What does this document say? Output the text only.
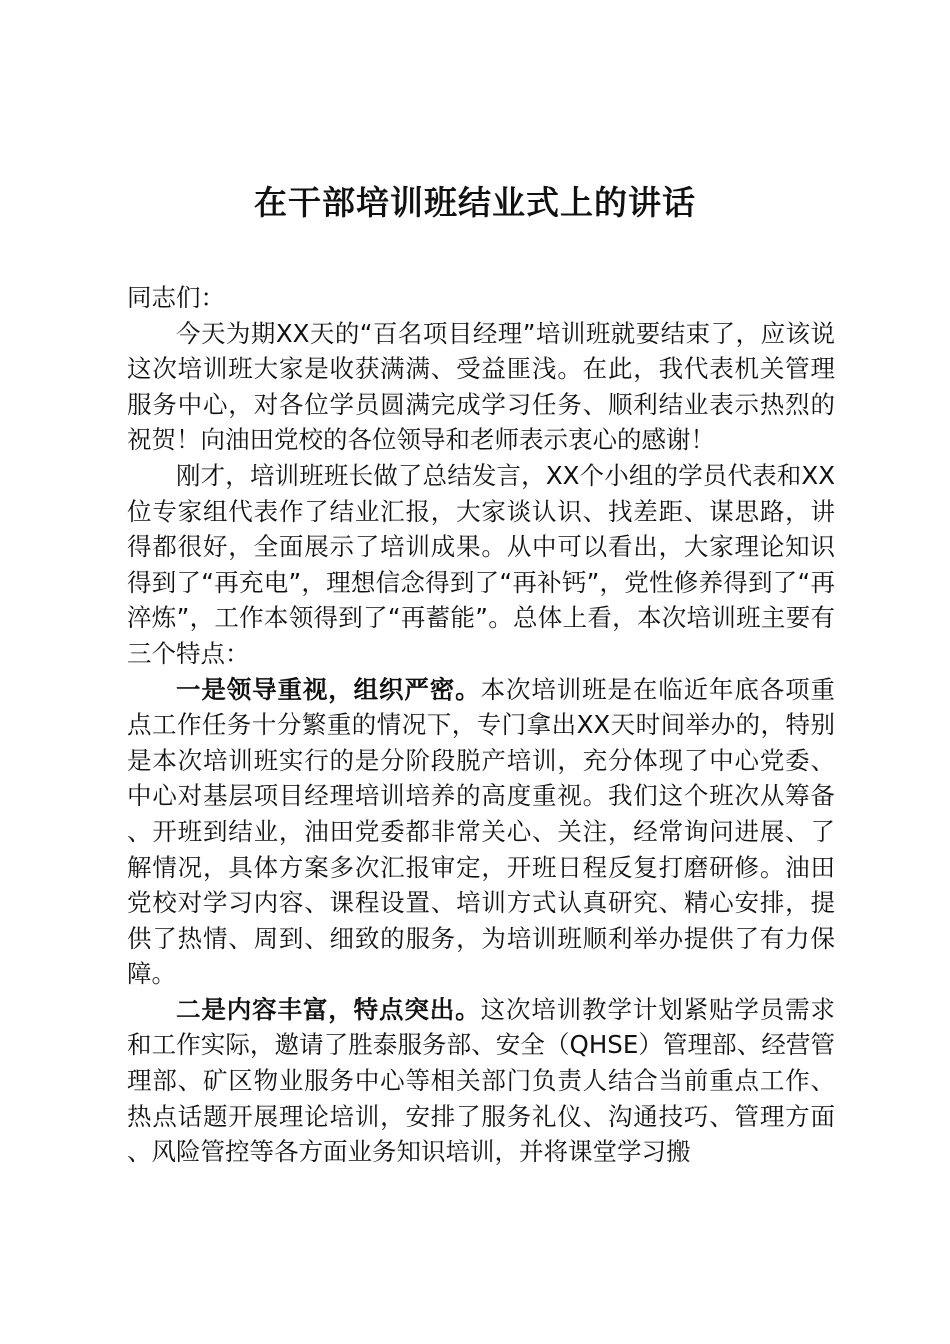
在干部培训班结业式上的讲话

同志们：

今天为期XX天的“百名项目经理”培训班就要结束了，应该说这次培训班大家是收获满满、受益匪浅。在此，我代表机关管理服务中心，对各位学员圆满完成学习任务、顺利结业表示热烈的祝贺！向油田党校的各位领导和老师表示衷心的感谢！

刚才，培训班班长做了总结发言，XX个小组的学员代表和XX位专家组代表作了结业汇报，大家谈认识、找差距、谋思路，讲得都很好，全面展示了培训成果。从中可以看出，大家理论知识得到了“再充电”，理想信念得到了“再补钙”，党性修养得到了“再淬炼”，工作本领得到了“再蓄能”。总体上看，本次培训班主要有三个特点：

一是领导重视，组织严密。本次培训班是在临近年底各项重点工作任务十分繁重的情况下，专门拿出XX天时间举办的，特别是本次培训班实行的是分阶段脱产培训，充分体现了中心党委、中心对基层项目经理培训培养的高度重视。我们这个班次从筹备、开班到结业，油田党委都非常关心、关注，经常询问进展、了解情况，具体方案多次汇报审定，开班日程反复打磨研修。油田党校对学习内容、课程设置、培训方式认真研究、精心安排，提供了热情、周到、细致的服务，为培训班顺利举办提供了有力保障。

二是内容丰富，特点突出。这次培训教学计划紧贴学员需求和工作实际，邀请了胜泰服务部、安全（QHSE）管理部、经营管理部、矿区物业服务中心等相关部门负责人结合当前重点工作、热点话题开展理论培训，安排了服务礼仪、沟通技巧、管理方面、风险管控等各方面业务知识培训，并将课堂学习搬
